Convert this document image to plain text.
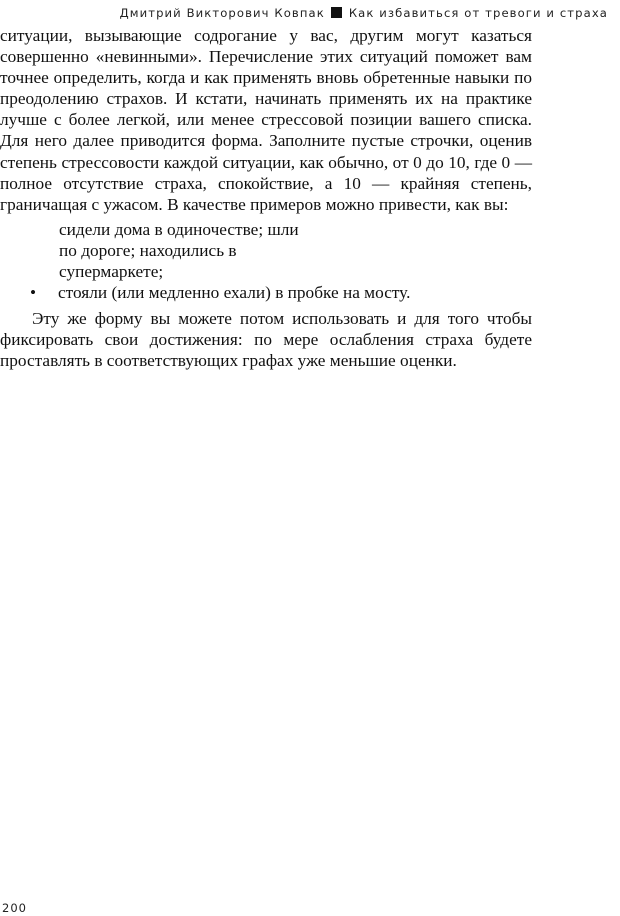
Дмитрий Викторович Ковпак Как избавиться от тревоги и страха

ситуации, вызывающие содрогание у вас, другим могут казаться совершенно «невинными». Перечисление этих ситуаций поможет вам точнее определить, когда и как применять вновь обретенные навыки по преодолению страхов. И кстати, начинать применять их на практике лучше с более легкой, или менее стрессовой позиции вашего списка. Для него далее приводится форма. Заполните пустые строчки, оценив степень стрессовости каждой ситуации, как обычно, от 0 до 10, где 0 — полное отсутствие страха, спокойствие, а 10 — крайняя степень, граничащая с ужасом. В качестве примеров можно привести, как вы:

сидели дома в одиночестве; шли
по дороге; находились в
супермаркете;

• стояли (или медленно ехали) в пробке на мосту.

Эту же форму вы можете потом использовать и для того чтобы фиксировать свои достижения: по мере ослабления страха будете проставлять в соответствующих графах уже меньшие оценки.

200
